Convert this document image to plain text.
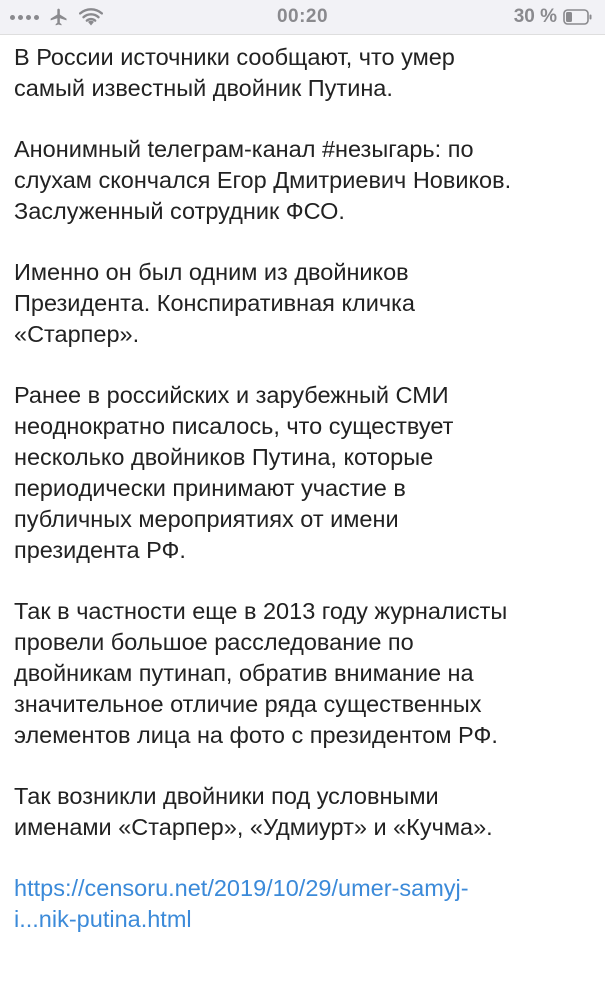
00:20	30 %
В России источники сообщают, что умер
самый известный двойник Путина.
Анонимный tелеграм-канал #незыгарь: по
слухам скончался Егор Дмитриевич Новиков.
Заслуженный сотрудник ФСО.
Именно он был одним из двойников
Президента. Конспиративная кличка
«Старпер».
Ранее в российских и зарубежный СМИ
неоднократно писалось, что существует
несколько двойников Путина, которые
периодически принимают участие в
публичных мероприятиях от имени
президента РФ.
Так в частности еще в 2013 году журналисты
провели большое расследование по
двойникам путинап, обратив внимание на
значительное отличие ряда существенных
элементов лица на фото с президентом РФ.
Так возникли двойники под условными
именами «Старпер», «Удмиурт» и «Кучма».
https://censoru.net/2019/10/29/umer-samyj-
i...nik-putina.html
